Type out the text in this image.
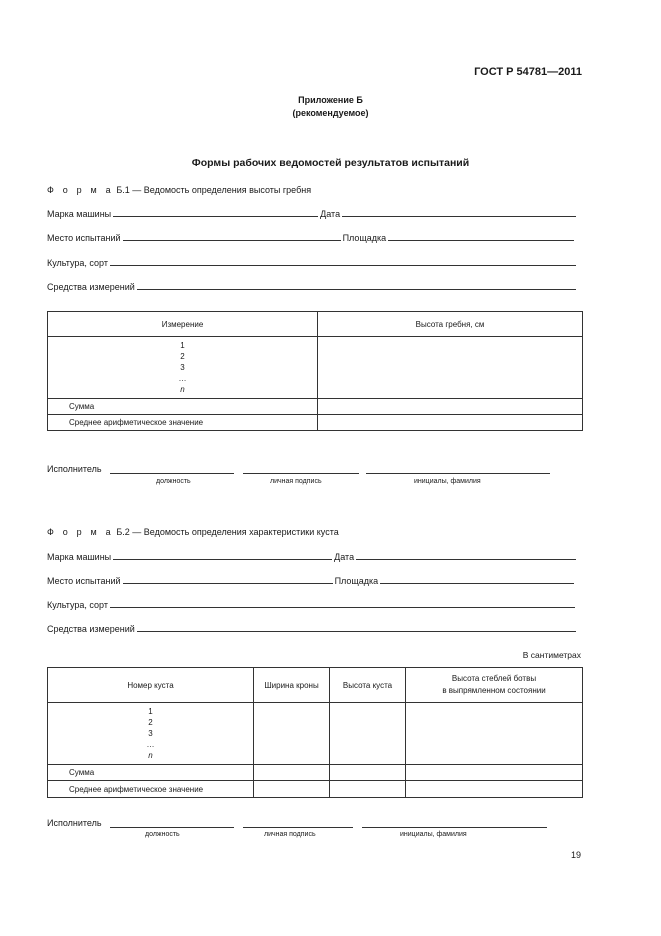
ГОСТ Р 54781—2011
Приложение Б
(рекомендуемое)
Формы рабочих ведомостей результатов испытаний
Ф о р м а Б.1 — Ведомость определения высоты гребня
Марка машины	Дата
Место испытаний	Площадка
Культура, сорт
Средства измерений
Измерение	Высота гребня, см

1
2
3
…
n	

Сумма	
Среднее арифметическое значение	
Исполнитель
должность	личная подпись	инициалы, фамилия
Ф о р м а Б.2 — Ведомость определения характеристики куста
Марка машины	Дата
Место испытаний	Площадка
Культура, сорт
Средства измерений
В сантиметрах
Номер куста	Ширина кроны	Высота куста	Высота стеблей ботвы
в выпрямленном состоянии

1
2
3
…
n			

Сумма			
Среднее арифметическое значение			
Исполнитель
должность	личная подпись	инициалы, фамилия
19
